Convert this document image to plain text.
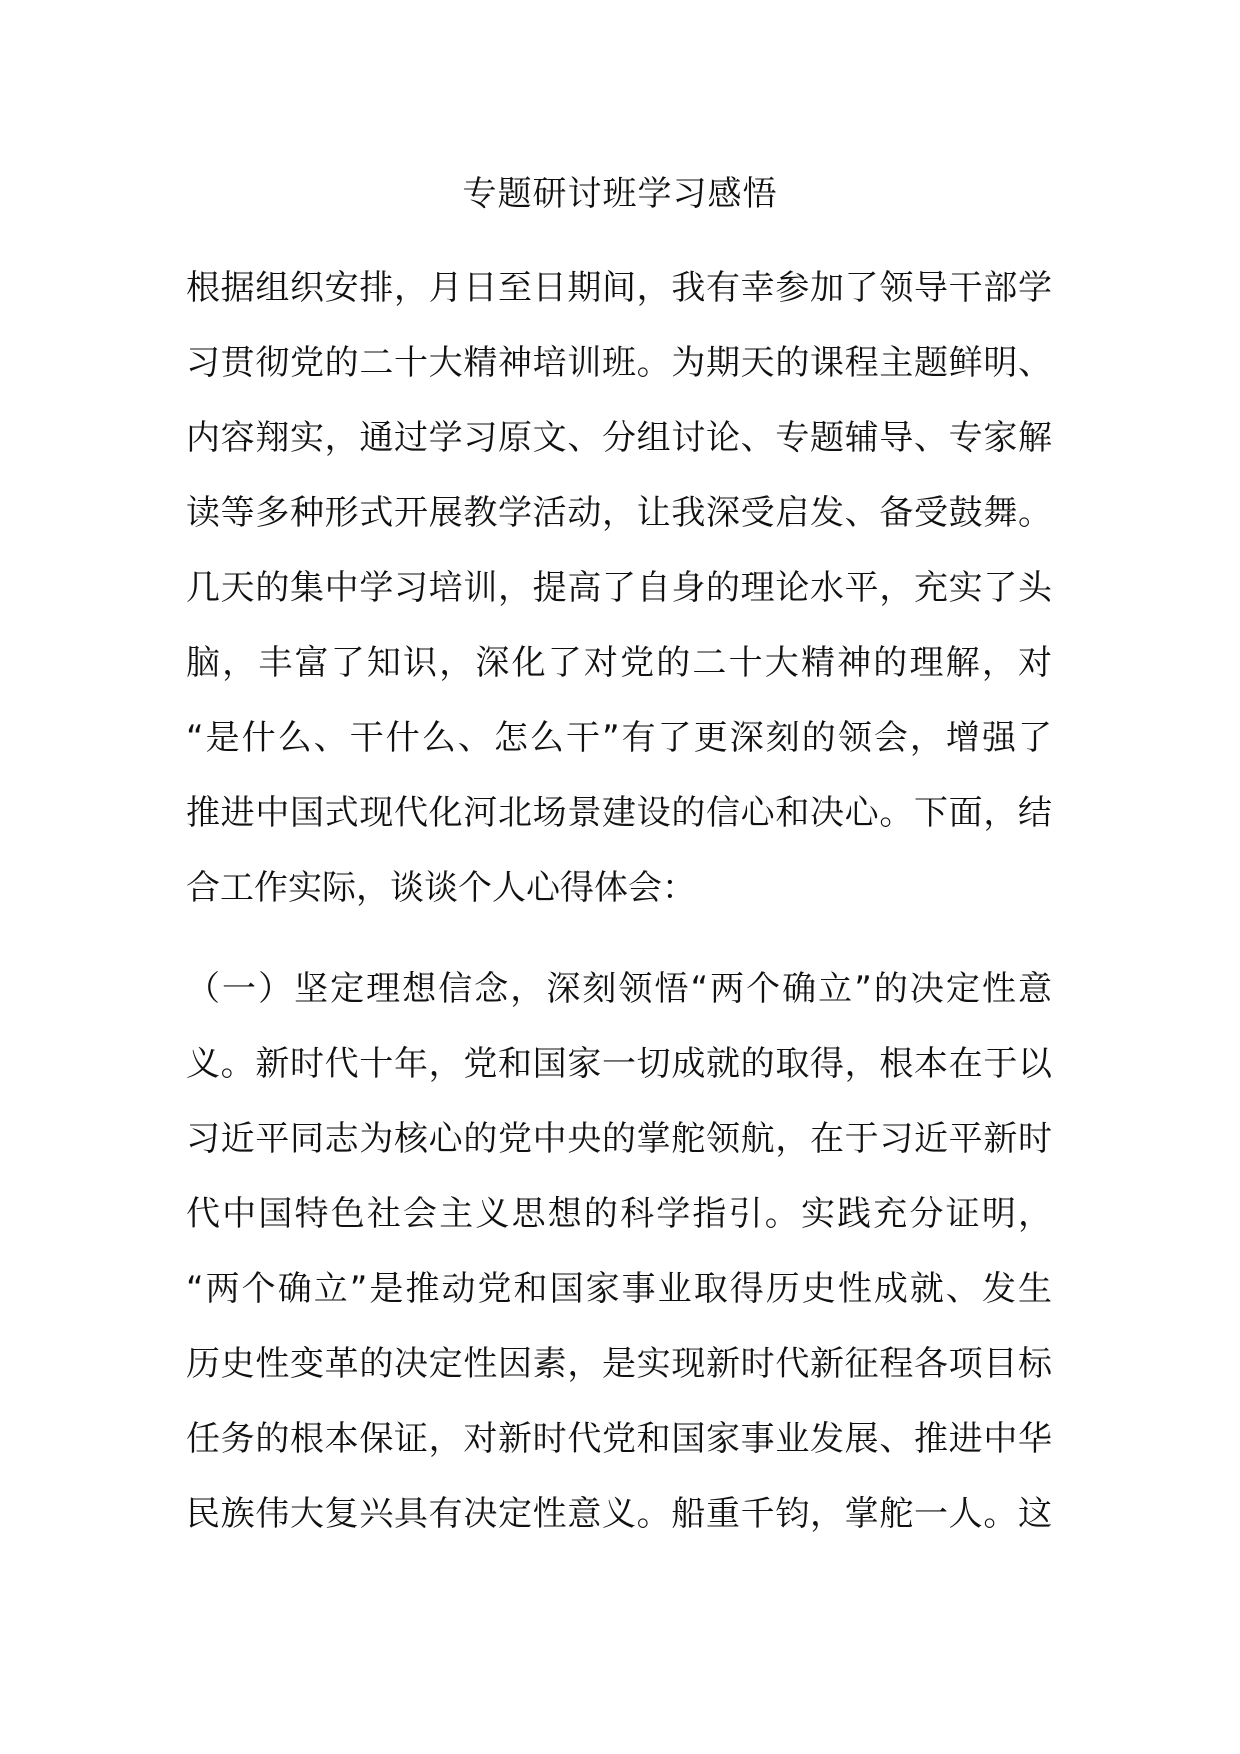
专题研讨班学习感悟
根据组织安排，月日至日期间，我有幸参加了领导干部学
习贯彻党的二十大精神培训班。为期天的课程主题鲜明、
内容翔实，通过学习原文、分组讨论、专题辅导、专家解
读等多种形式开展教学活动，让我深受启发、备受鼓舞。
几天的集中学习培训，提高了自身的理论水平，充实了头
脑，丰富了知识，深化了对党的二十大精神的理解，对
“是什么、干什么、怎么干”有了更深刻的领会，增强了
推进中国式现代化河北场景建设的信心和决心。下面，结
合工作实际，谈谈个人心得体会：
（一）坚定理想信念，深刻领悟“两个确立”的决定性意
义。新时代十年，党和国家一切成就的取得，根本在于以
习近平同志为核心的党中央的掌舵领航，在于习近平新时
代中国特色社会主义思想的科学指引。实践充分证明，
“两个确立”是推动党和国家事业取得历史性成就、发生
历史性变革的决定性因素，是实现新时代新征程各项目标
任务的根本保证，对新时代党和国家事业发展、推进中华
民族伟大复兴具有决定性意义。船重千钧，掌舵一人。这
